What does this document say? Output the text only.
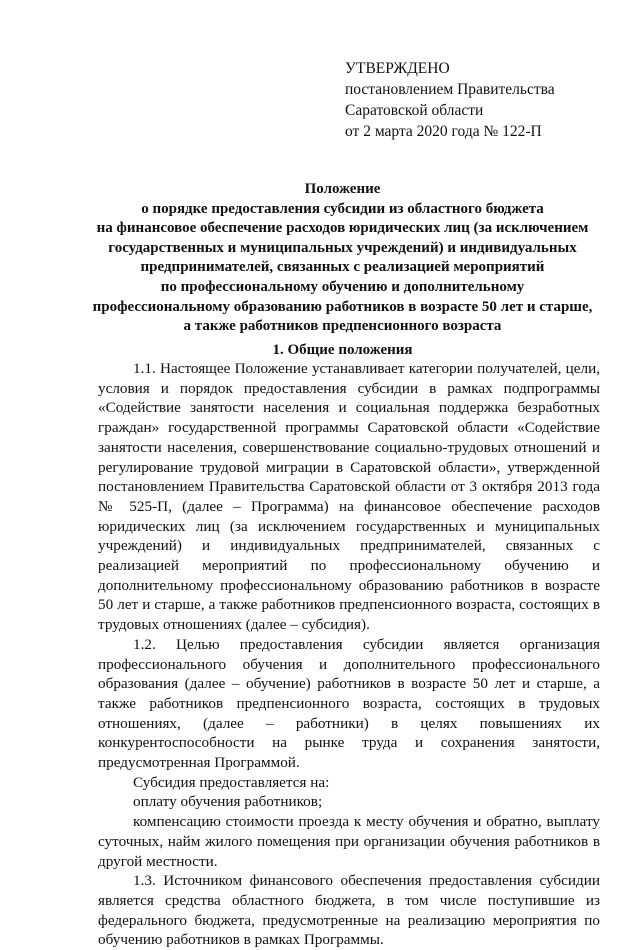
УТВЕРЖДЕНО
постановлением Правительства
Саратовской области
от 2 марта 2020 года № 122-П
Положение
о порядке предоставления субсидии из областного бюджета
на финансовое обеспечение расходов юридических лиц (за исключением
государственных и муниципальных учреждений) и индивидуальных
предпринимателей, связанных с реализацией мероприятий
по профессиональному обучению и дополнительному
профессиональному образованию работников в возрасте 50 лет и старше,
а также работников предпенсионного возраста
1. Общие положения

1.1. Настоящее Положение устанавливает категории получателей, цели, условия и порядок предоставления субсидии в рамках подпрограммы «Содействие занятости населения и социальная поддержка безработных граждан» государственной программы Саратовской области «Содействие занятости населения, совершенствование социально-трудовых отношений и регулирование трудовой миграции в Саратовской области», утвержденной постановлением Правительства Саратовской области от 3 октября 2013 года № 525-П, (далее – Программа) на финансовое обеспечение расходов юридических лиц (за исключением государственных и муниципальных учреждений) и индивидуальных предпринимателей, связанных с реализацией мероприятий по профессиональному обучению и дополнительному профессиональному образованию работников в возрасте 50 лет и старше, а также работников предпенсионного возраста, состоящих в трудовых отношениях (далее – субсидия).

1.2. Целью предоставления субсидии является организация профессионального обучения и дополнительного профессионального образования (далее – обучение) работников в возрасте 50 лет и старше, а также работников предпенсионного возраста, состоящих в трудовых отношениях, (далее – работники) в целях повышениях их конкурентоспособности на рынке труда и сохранения занятости, предусмотренная Программой.

Субсидия предоставляется на:

оплату обучения работников;

компенсацию стоимости проезда к месту обучения и обратно, выплату суточных, найм жилого помещения при организации обучения работников в другой местности.

1.3. Источником финансового обеспечения предоставления субсидии является средства областного бюджета, в том числе поступившие из федерального бюджета, предусмотренные на реализацию мероприятия по обучению работников в рамках Программы.
